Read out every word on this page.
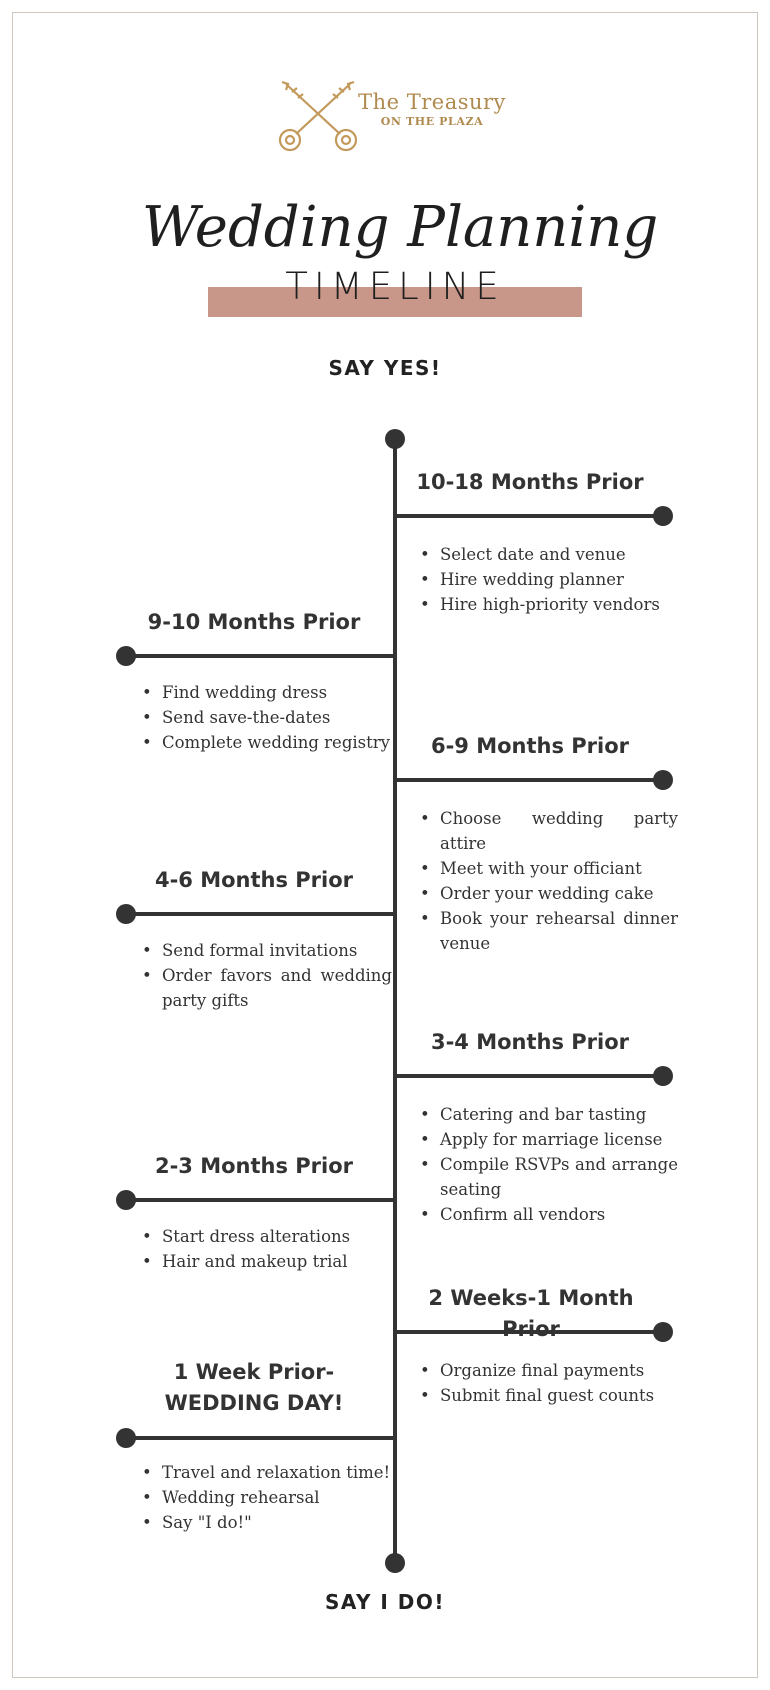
The Treasury
ON THE PLAZA
Wedding Planning
TIMELINE
SAY YES!
SAY I DO!
10-18 Months Prior
• Select date and venue
• Hire wedding planner
• Hire high-priority vendors
9-10 Months Prior
• Find wedding dress
• Send save-the-dates
• Complete wedding registry	6-9 Months Prior
• Choose wedding party attire
• Meet with your officiant
• Order your wedding cake
• Book your rehearsal dinner venue
4-6 Months Prior
• Send formal invitations
• Order favors and wedding party gifts
3-4 Months Prior
• Catering and bar tasting
• Apply for marriage license
• Compile RSVPs and arrange seating
• Confirm all vendors
2-3 Months Prior
• Start dress alterations
• Hair and makeup trial
2 Weeks-1 Month Prior
• Organize final payments
• Submit final guest counts
1 Week Prior-
WEDDING DAY!
• Travel and relaxation time!
• Wedding rehearsal
• Say "I do!"
